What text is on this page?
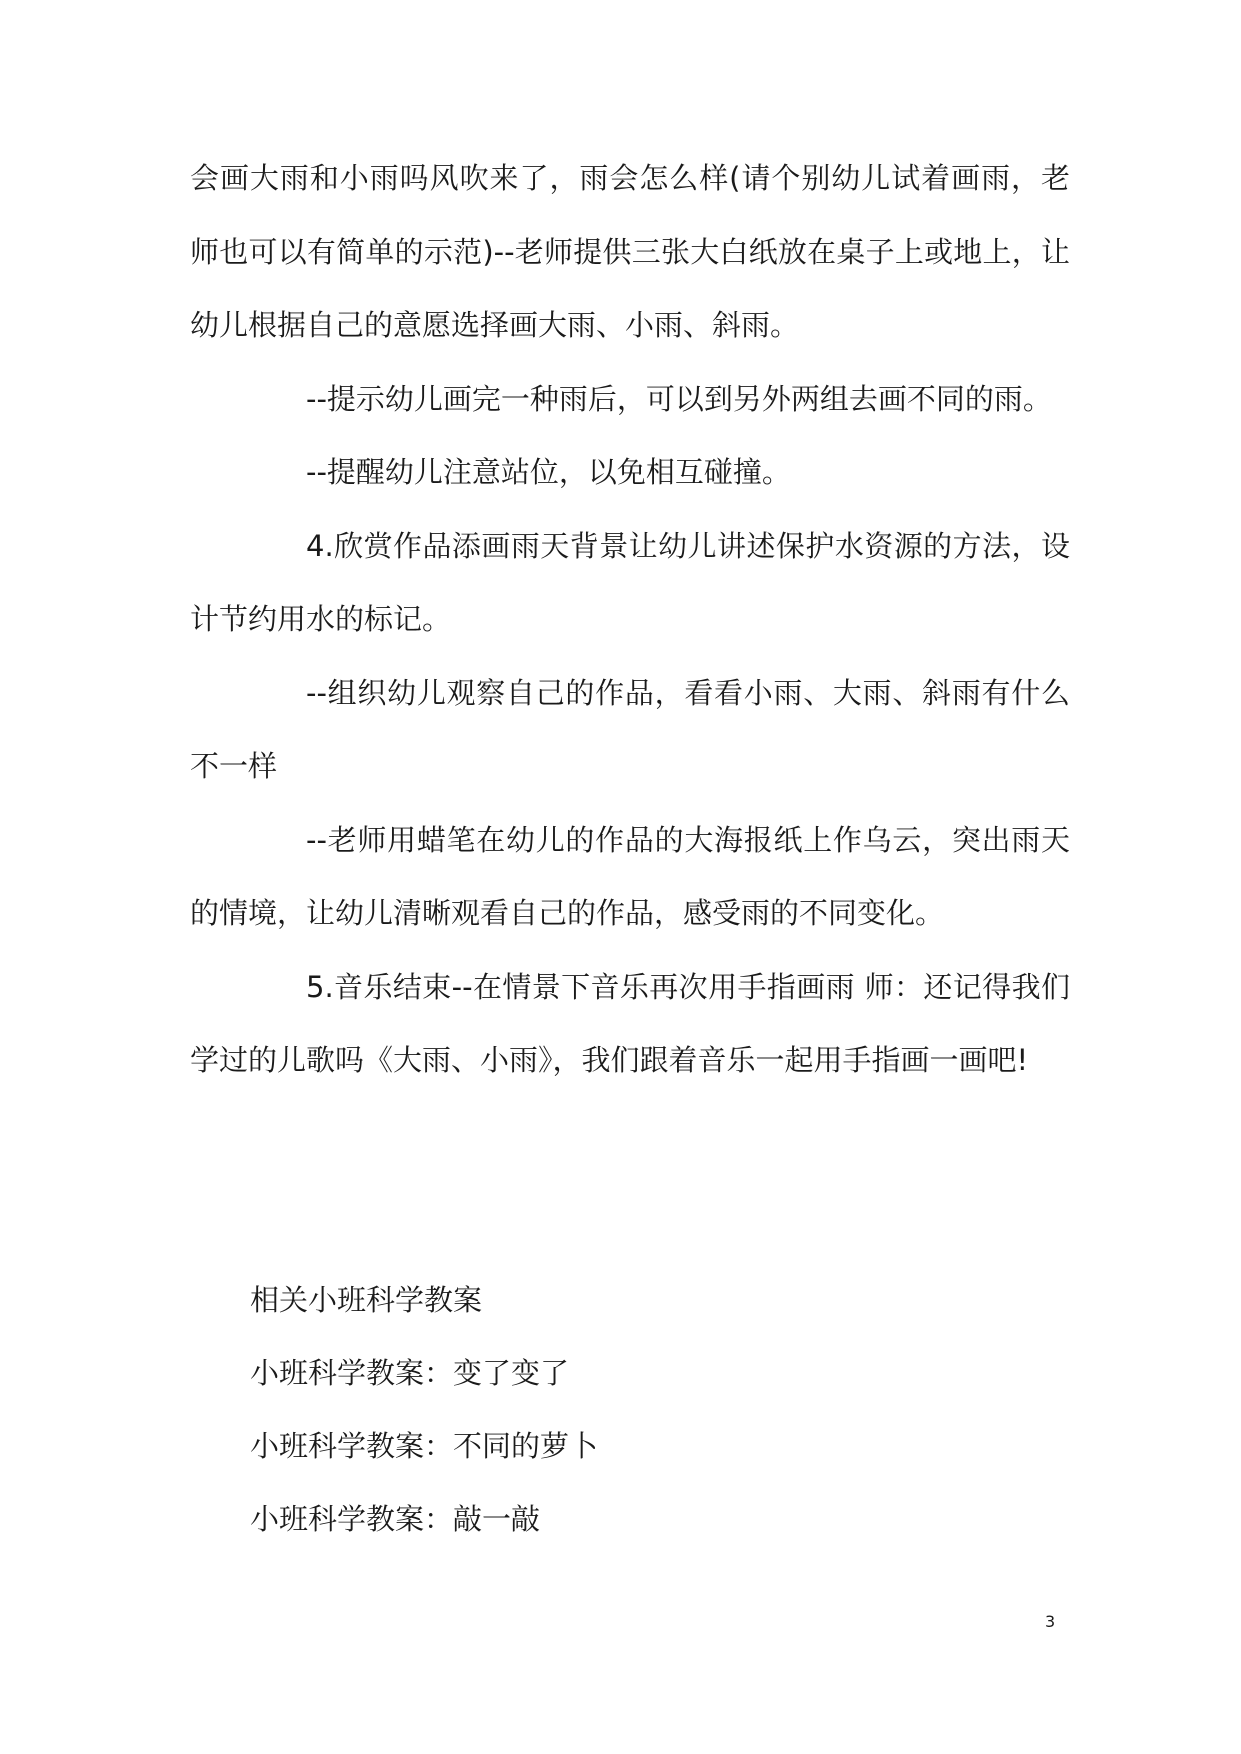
会画大雨和小雨吗风吹来了，雨会怎么样(请个别幼儿试着画雨，老师也可以有简单的示范)--老师提供三张大白纸放在桌子上或地上，让幼儿根据自己的意愿选择画大雨、小雨、斜雨。

--提示幼儿画完一种雨后，可以到另外两组去画不同的雨。

--提醒幼儿注意站位，以免相互碰撞。

4.欣赏作品添画雨天背景让幼儿讲述保护水资源的方法，设计节约用水的标记。

--组织幼儿观察自己的作品，看看小雨、大雨、斜雨有什么不一样

--老师用蜡笔在幼儿的作品的大海报纸上作乌云，突出雨天的情境，让幼儿清晰观看自己的作品，感受雨的不同变化。

5.音乐结束--在情景下音乐再次用手指画雨 师：还记得我们学过的儿歌吗《大雨、小雨》，我们跟着音乐一起用手指画一画吧!

相关小班科学教案

小班科学教案：变了变了

小班科学教案：不同的萝卜

小班科学教案：敲一敲

3
